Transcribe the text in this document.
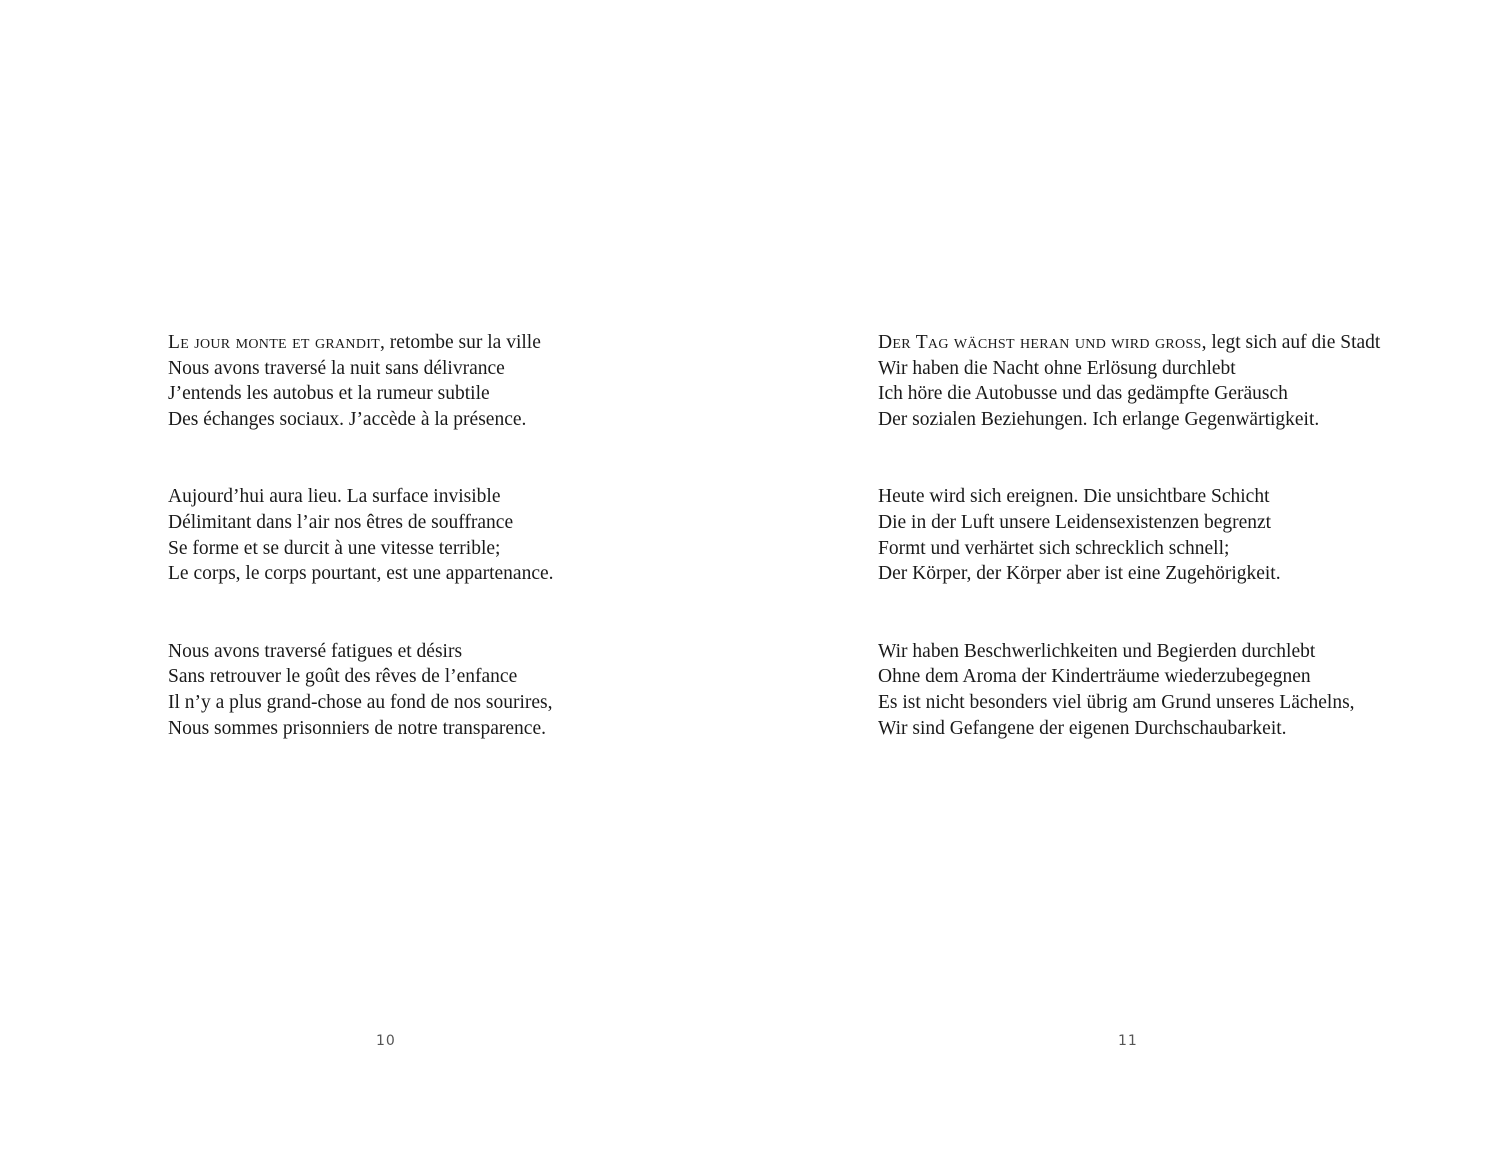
Le jour monte et grandit, retombe sur la ville
Nous avons traversé la nuit sans délivrance
J’entends les autobus et la rumeur subtile
Des échanges sociaux. J’accède à la présence.
Aujourd’hui aura lieu. La surface invisible
Délimitant dans l’air nos êtres de souffrance
Se forme et se durcit à une vitesse terrible;
Le corps, le corps pourtant, est une appartenance.
Nous avons traversé fatigues et désirs
Sans retrouver le goût des rêves de l’enfance
Il n’y a plus grand-chose au fond de nos sourires,
Nous sommes prisonniers de notre transparence.
10
Der Tag wächst heran und wird gross, legt sich auf die Stadt
Wir haben die Nacht ohne Erlösung durchlebt
Ich höre die Autobusse und das gedämpfte Geräusch
Der sozialen Beziehungen. Ich erlange Gegenwärtigkeit.
Heute wird sich ereignen. Die unsichtbare Schicht
Die in der Luft unsere Leidensexistenzen begrenzt
Formt und verhärtet sich schrecklich schnell;
Der Körper, der Körper aber ist eine Zugehörigkeit.
Wir haben Beschwerlichkeiten und Begierden durchlebt
Ohne dem Aroma der Kinderträume wiederzubegegnen
Es ist nicht besonders viel übrig am Grund unseres Lächelns,
Wir sind Gefangene der eigenen Durchschaubarkeit.
11
